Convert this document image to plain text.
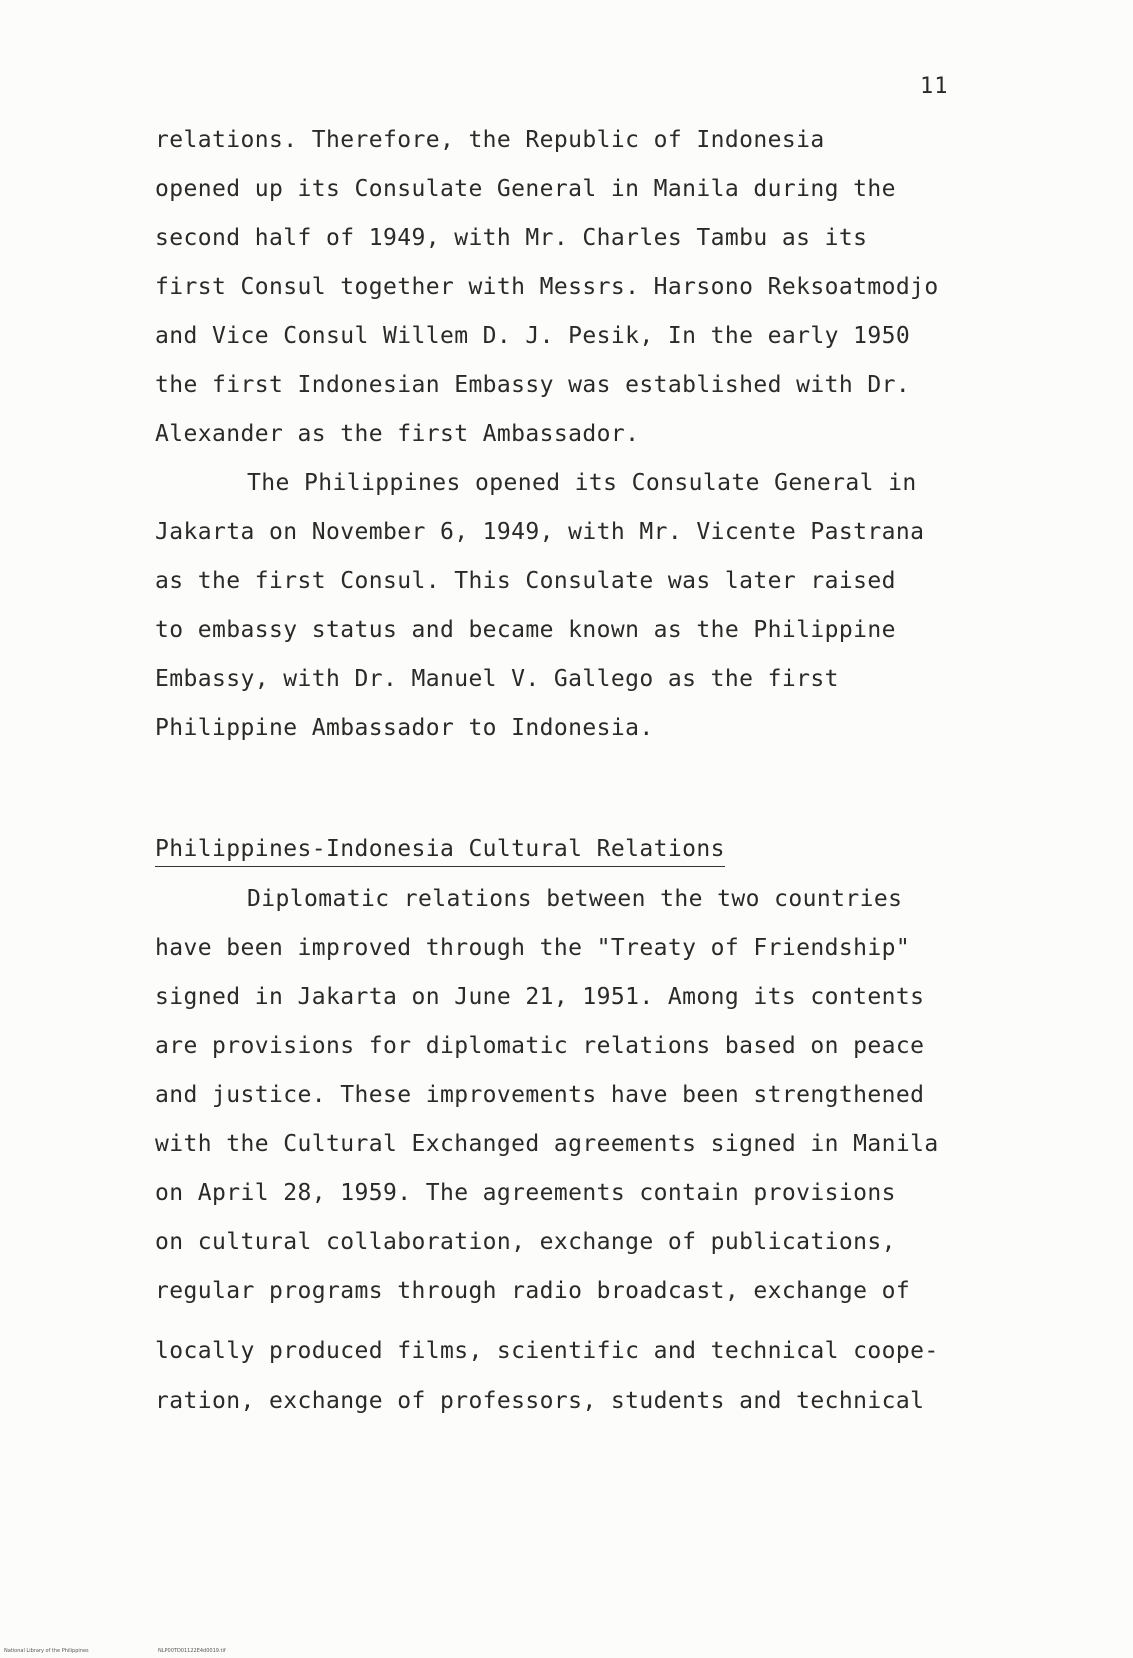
11
relations. Therefore, the Republic of Indonesia
opened up its Consulate General in Manila during the
second half of 1949, with Mr. Charles Tambu as its
first Consul together with Messrs. Harsono Reksoatmodjo
and Vice Consul Willem D. J. Pesik, In the early 1950
the first Indonesian Embassy was established with Dr.
Alexander as the first Ambassador.
The Philippines opened its Consulate General in
Jakarta on November 6, 1949, with Mr. Vicente Pastrana
as the first Consul. This Consulate was later raised
to embassy status and became known as the Philippine
Embassy, with Dr. Manuel V. Gallego as the first
Philippine Ambassador to Indonesia.
Philippines-Indonesia Cultural Relations
Diplomatic relations between the two countries
have been improved through the "Treaty of Friendship"
signed in Jakarta on June 21, 1951. Among its contents
are provisions for diplomatic relations based on peace
and justice. These improvements have been strengthened
with the Cultural Exchanged agreements signed in Manila
on April 28, 1959. The agreements contain provisions
on cultural collaboration, exchange of publications,
regular programs through radio broadcast, exchange of
locally produced films, scientific and technical coope-
ration, exchange of professors, students and technical
National Library of the Philippines	NLP00TD01122E4d0019.tif
